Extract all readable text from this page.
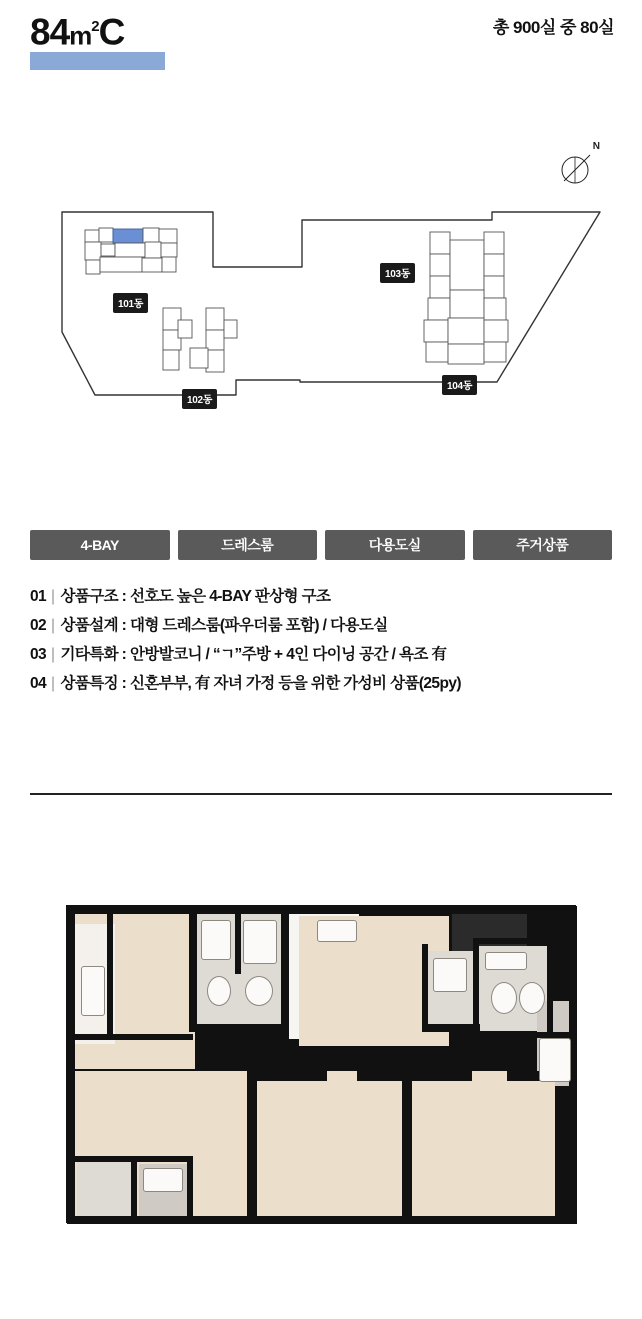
$84m^2C$	총 900실 중 80실
N
101동
102동
103동
104동
4-BAY	드레스룸	다용도실	주거상품
01 | 상품구조 : 선호도 높은 4-BAY 판상형 구조
02 | 상품설계 : 대형 드레스룸(파우더룸 포함) / 다용도실
03 | 기타특화 : 안방발코니 / “ㄱ”주방 + 4인 다이닝 공간 / 욕조 有
04 | 상품특징 : 신혼부부, 有 자녀 가정 등을 위한 가성비 상품(25py)
